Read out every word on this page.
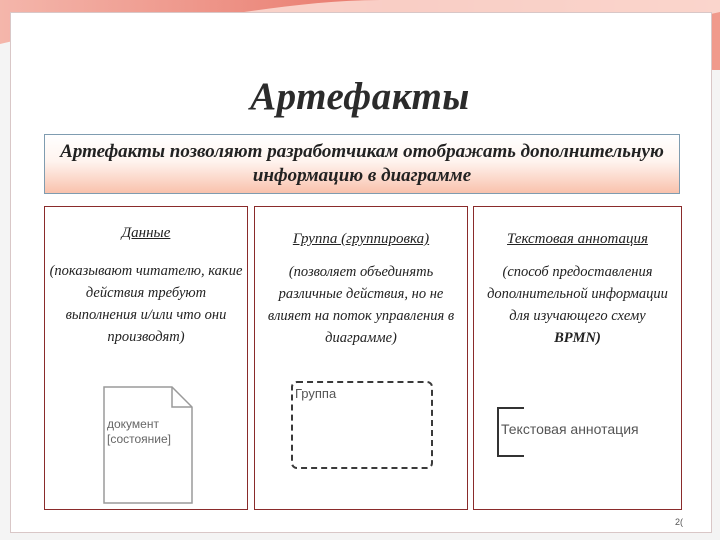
Артефакты
Артефакты позволяют разработчикам отображать дополнительную информацию в диаграмме
Данные
(показывают читателю, какие действия требуют выполнения и/или что они производят)
документ
[состояние]
Группа (группировка)
(позволяет объединять различные действия, но не влияет на поток управления в диаграмме)
Группа
Текстовая аннотация
(способ предоставления дополнительной информации для изучающего схему
BPMN)
Текстовая аннотация
2(
